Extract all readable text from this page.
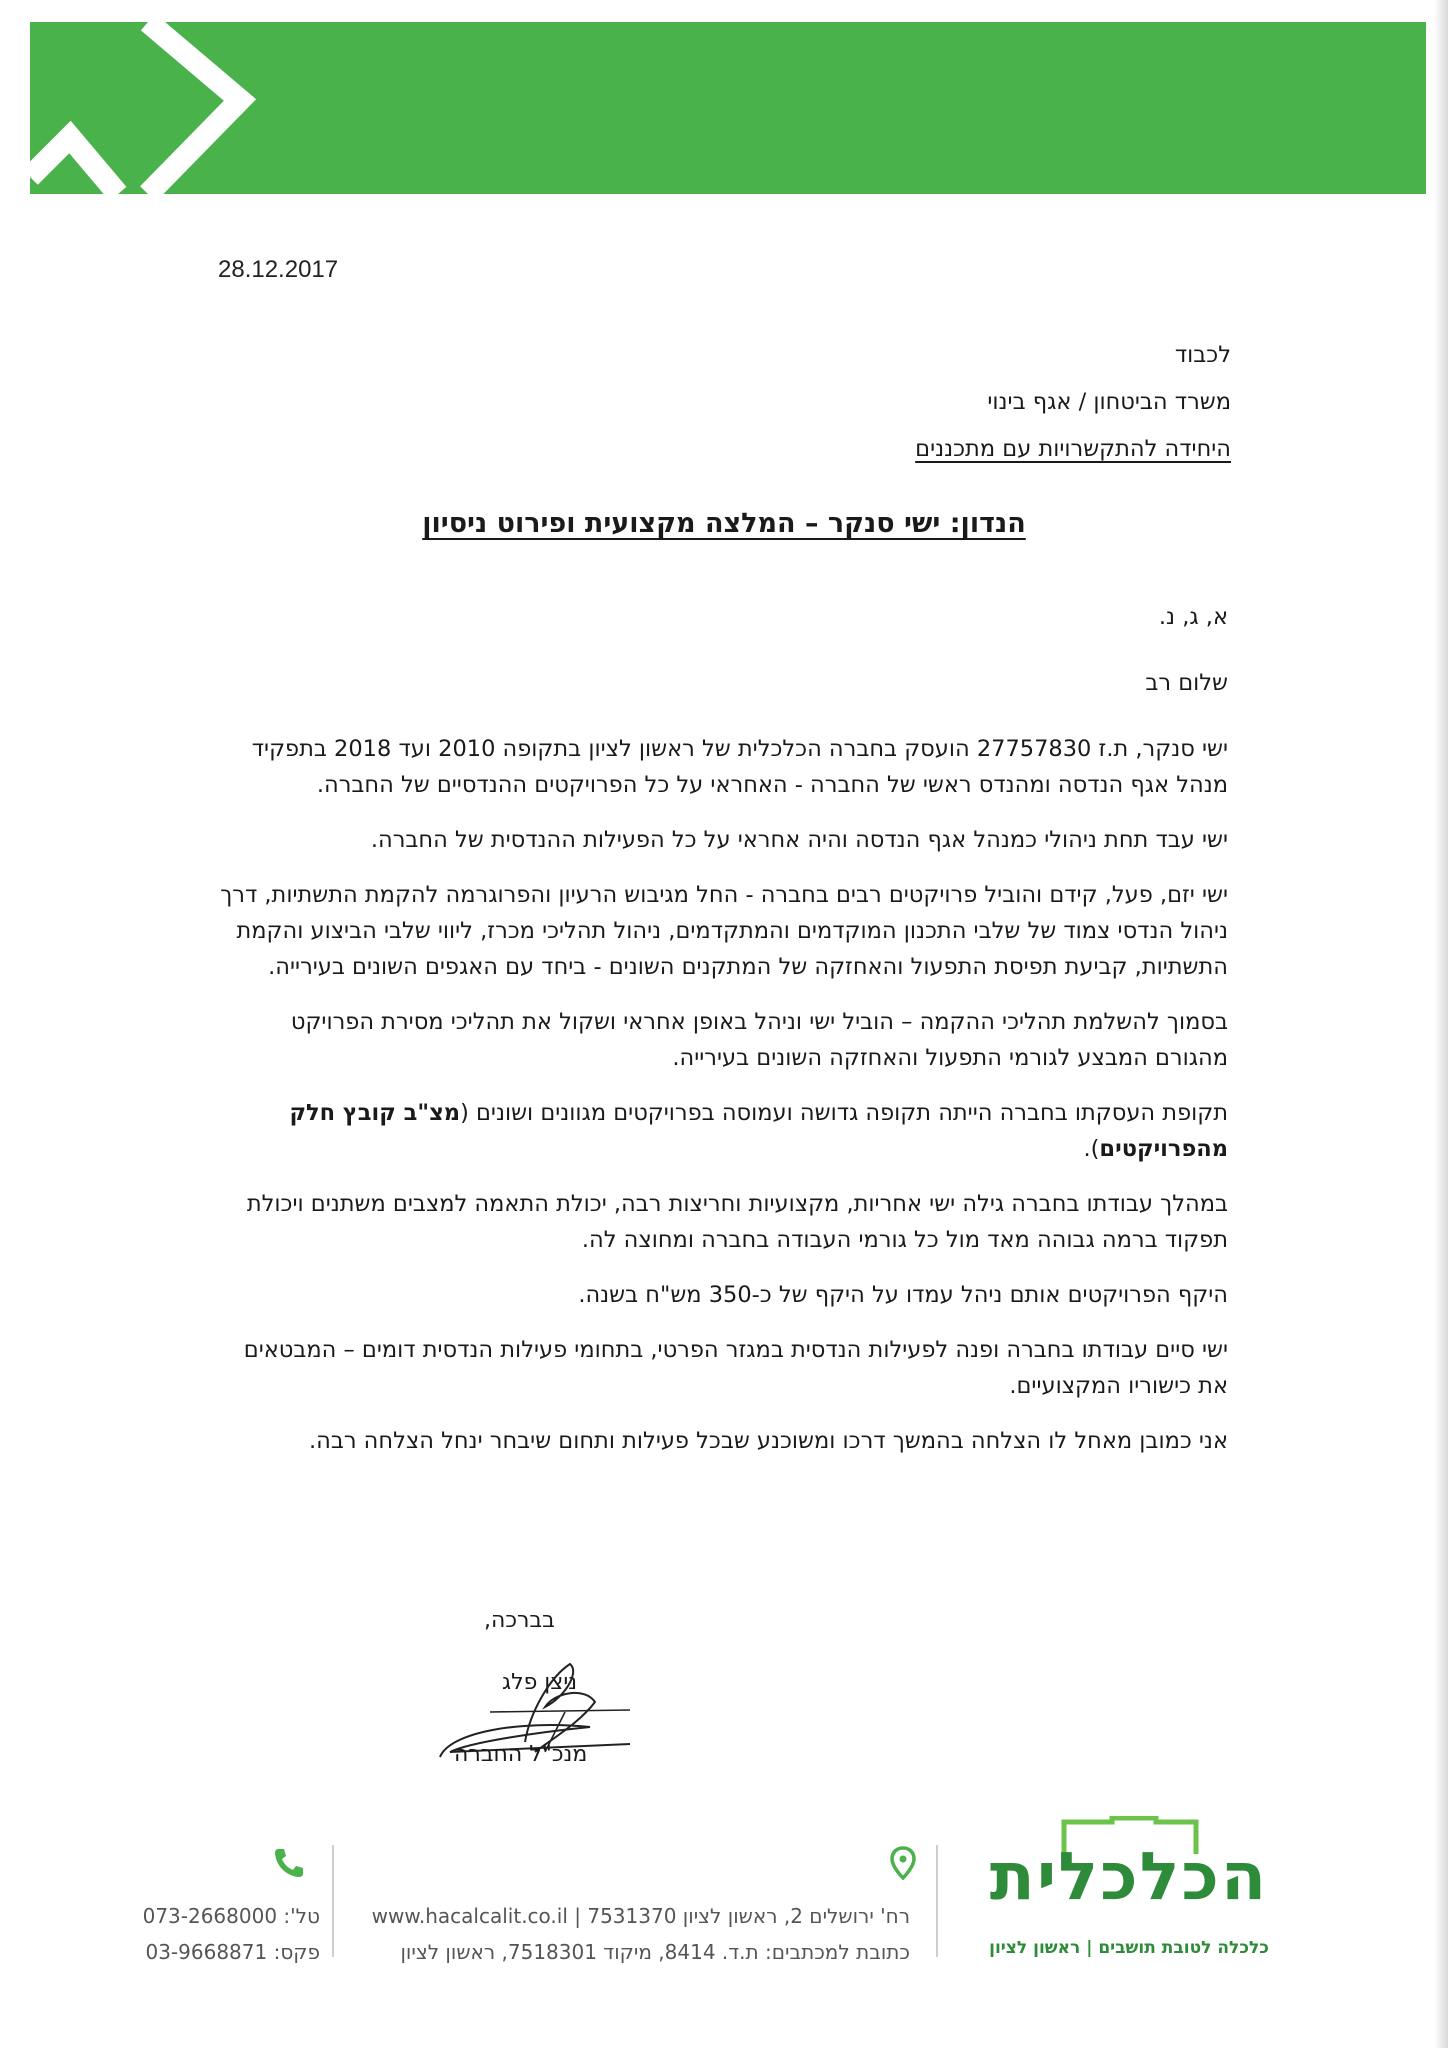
28.12.2017
לכבוד
משרד הביטחון / אגף בינוי
היחידה להתקשרויות עם מתכננים
הנדון: ישי סנקר – המלצה מקצועית ופירוט ניסיון
א, ג, נ.
שלום רב

ישי סנקר, ת.ז 27757830 הועסק בחברה הכלכלית של ראשון לציון בתקופה 2010 ועד 2018 בתפקיד מנהל אגף הנדסה ומהנדס ראשי של החברה - האחראי על כל הפרויקטים ההנדסיים של החברה.

ישי עבד תחת ניהולי כמנהל אגף הנדסה והיה אחראי על כל הפעילות ההנדסית של החברה.

ישי יזם, פעל, קידם והוביל פרויקטים רבים בחברה - החל מגיבוש הרעיון והפרוגרמה להקמת התשתיות, דרך ניהול הנדסי צמוד של שלבי התכנון המוקדמים והמתקדמים, ניהול תהליכי מכרז, ליווי שלבי הביצוע והקמת התשתיות, קביעת תפיסת התפעול והאחזקה של המתקנים השונים - ביחד עם האגפים השונים בעירייה.

בסמוך להשלמת תהליכי ההקמה – הוביל ישי וניהל באופן אחראי ושקול את תהליכי מסירת הפרויקט מהגורם המבצע לגורמי התפעול והאחזקה השונים בעירייה.

תקופת העסקתו בחברה הייתה תקופה גדושה ועמוסה בפרויקטים מגוונים ושונים (מצ"ב קובץ חלק מהפרויקטים).

במהלך עבודתו בחברה גילה ישי אחריות, מקצועיות וחריצות רבה, יכולת התאמה למצבים משתנים ויכולת תפקוד ברמה גבוהה מאד מול כל גורמי העבודה בחברה ומחוצה לה.

היקף הפרויקטים אותם ניהל עמדו על היקף של כ-350 מש"ח בשנה.

ישי סיים עבודתו בחברה ופנה לפעילות הנדסית במגזר הפרטי, בתחומי פעילות הנדסית דומים – המבטאים את כישוריו המקצועיים.

אני כמובן מאחל לו הצלחה בהמשך דרכו ומשוכנע שבכל פעילות ותחום שיבחר ינחל הצלחה רבה.

בברכה,
ניצן פלג
מנכ"ל החברה
הכלכלית
כלכלה לטובת תושבים | ראשון לציון
רח' ירושלים 2, ראשון לציון 7531370 | www.hacalcalit.co.il
כתובת למכתבים: ת.ד. 8414, מיקוד 7518301, ראשון לציון
טל': 073-2668000
פקס: 03-9668871
